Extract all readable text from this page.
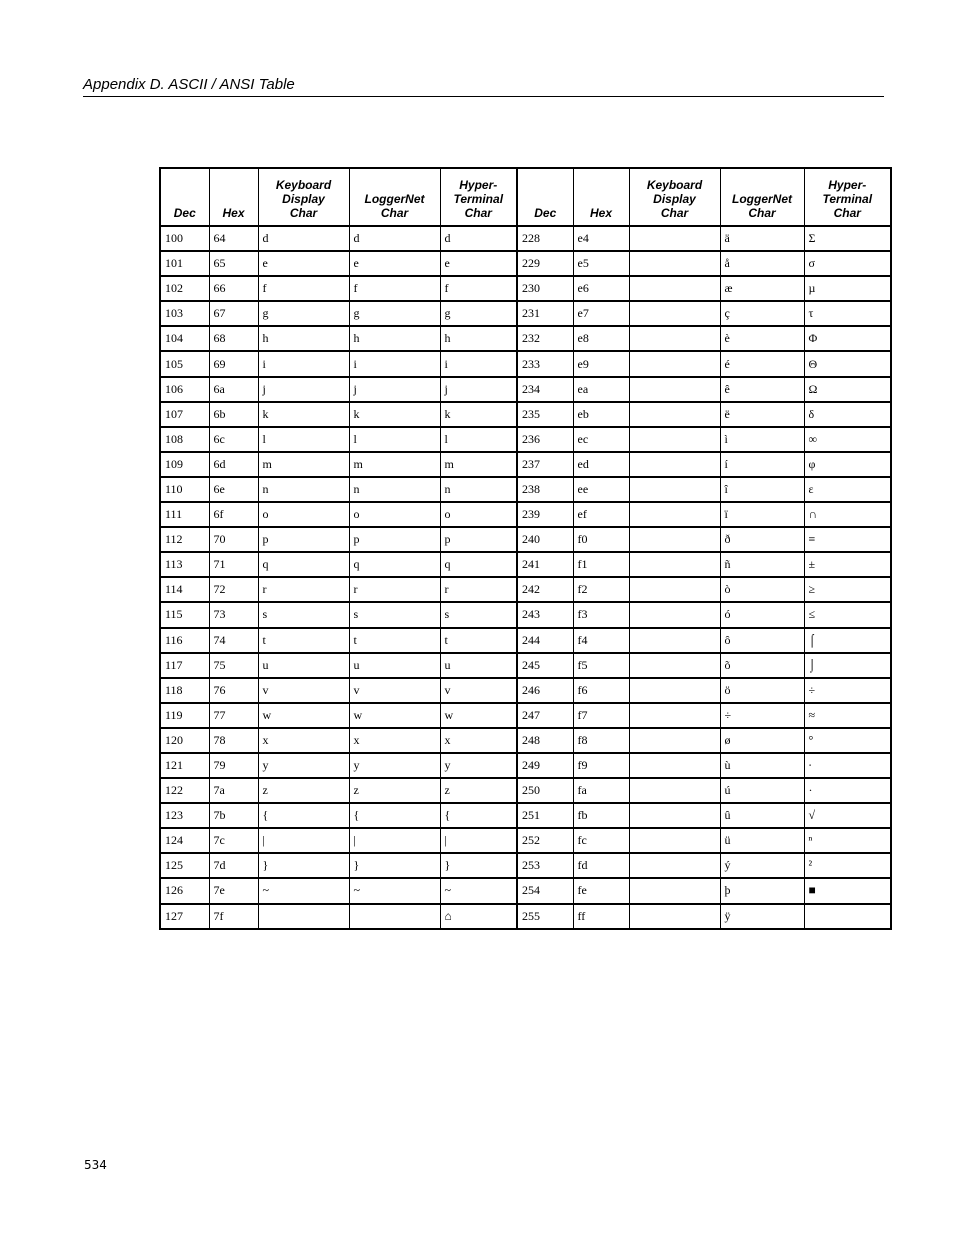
Appendix D. ASCII / ANSI Table
Dec	Hex	Keyboard
Display
Char	LoggerNet
Char	Hyper-
Terminal
Char	Dec	Hex	Keyboard
Display
Char	LoggerNet
Char	Hyper-
Terminal
Char
100	64	d	d	d	228	e4		ä	Σ
101	65	e	e	e	229	e5		å	σ
102	66	f	f	f	230	e6		æ	µ
103	67	g	g	g	231	e7		ç	τ
104	68	h	h	h	232	e8		è	Φ
105	69	i	i	i	233	e9		é	Θ
106	6a	j	j	j	234	ea		ê	Ω
107	6b	k	k	k	235	eb		ë	δ
108	6c	l	l	l	236	ec		ì	∞
109	6d	m	m	m	237	ed		í	φ
110	6e	n	n	n	238	ee		î	ε
111	6f	o	o	o	239	ef		ï	∩
112	70	p	p	p	240	f0		ð	≡
113	71	q	q	q	241	f1		ñ	±
114	72	r	r	r	242	f2		ò	≥
115	73	s	s	s	243	f3		ó	≤
116	74	t	t	t	244	f4		ô	⌠
117	75	u	u	u	245	f5		õ	⌡
118	76	v	v	v	246	f6		ö	÷
119	77	w	w	w	247	f7		÷	≈
120	78	x	x	x	248	f8		ø	°
121	79	y	y	y	249	f9		ù	∙
122	7a	z	z	z	250	fa		ú	·
123	7b	{	{	{	251	fb		û	√
124	7c	|	|	|	252	fc		ü	ⁿ
125	7d	}	}	}	253	fd		ý	²
126	7e	~	~	~	254	fe		þ	■
127	7f			⌂	255	ff		ÿ	
534
